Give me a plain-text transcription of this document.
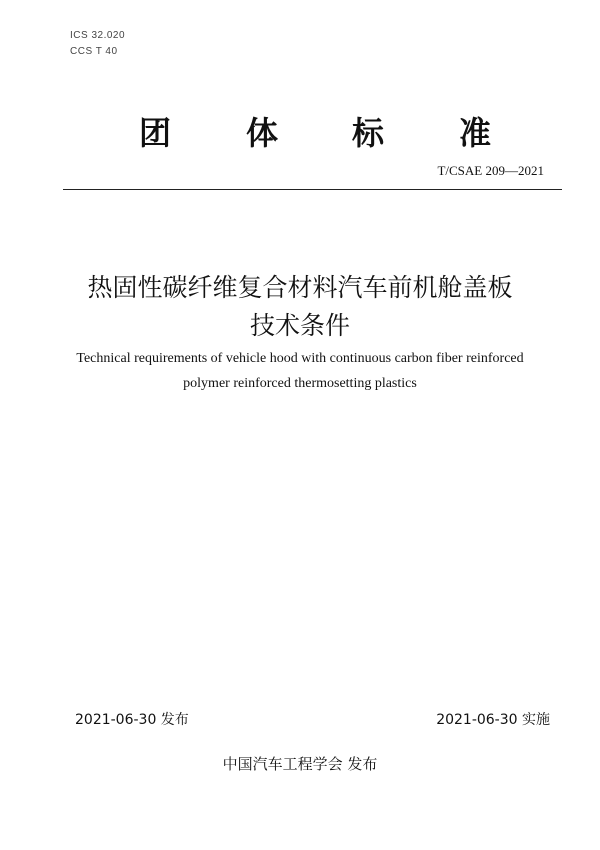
ICS 32.020
CCS T 40
团 体 标 准
T/CSAE 209—2021
热固性碳纤维复合材料汽车前机舱盖板
技术条件
Technical requirements of vehicle hood with continuous carbon fiber reinforced
polymer reinforced thermosetting plastics
2021-06-30 发布	2021-06-30 实施
中国汽车工程学会 发布
